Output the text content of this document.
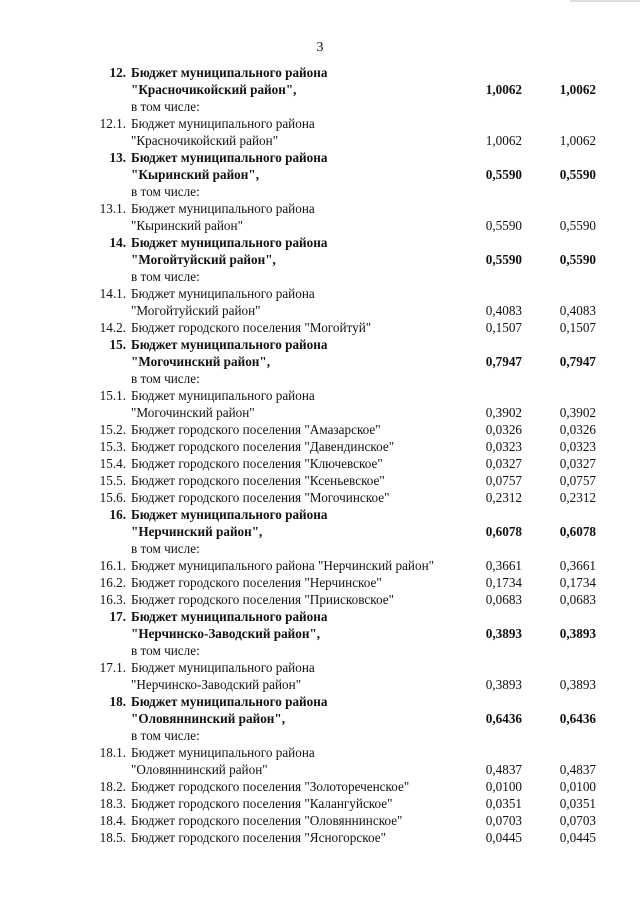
3
12. Бюджет муниципального района
"Красночикойский район",	1,0062	1,0062
в том числе:
12.1. Бюджет муниципального района
"Красночикойский район"	1,0062	1,0062
13. Бюджет муниципального района
"Кыринский район",	0,5590	0,5590
в том числе:
13.1. Бюджет муниципального района
"Кыринский район"	0,5590	0,5590
14. Бюджет муниципального района
"Могойтуйский район",	0,5590	0,5590
в том числе:
14.1. Бюджет муниципального района
"Могойтуйский район"	0,4083	0,4083
14.2. Бюджет городского поселения "Могойтуй"	0,1507	0,1507
15. Бюджет муниципального района
"Могочинский район",	0,7947	0,7947
в том числе:
15.1. Бюджет муниципального района
"Могочинский район"	0,3902	0,3902
15.2. Бюджет городского поселения "Амазарское"	0,0326	0,0326
15.3. Бюджет городского поселения "Давендинское"	0,0323	0,0323
15.4. Бюджет городского поселения "Ключевское"	0,0327	0,0327
15.5. Бюджет городского поселения "Ксеньевское"	0,0757	0,0757
15.6. Бюджет городского поселения "Могочинское"	0,2312	0,2312
16. Бюджет муниципального района
"Нерчинский район",	0,6078	0,6078
в том числе:
16.1. Бюджет муниципального района "Нерчинский район"	0,3661	0,3661
16.2. Бюджет городского поселения "Нерчинское"	0,1734	0,1734
16.3. Бюджет городского поселения "Приисковское"	0,0683	0,0683
17. Бюджет муниципального района
"Нерчинско-Заводский район",	0,3893	0,3893
в том числе:
17.1. Бюджет муниципального района
"Нерчинско-Заводский район"	0,3893	0,3893
18. Бюджет муниципального района
"Оловяннинский район",	0,6436	0,6436
в том числе:
18.1. Бюджет муниципального района
"Оловяннинский район"	0,4837	0,4837
18.2. Бюджет городского поселения "Золотореченское"	0,0100	0,0100
18.3. Бюджет городского поселения "Калангуйское"	0,0351	0,0351
18.4. Бюджет городского поселения "Оловяннинское"	0,0703	0,0703
18.5. Бюджет городского поселения "Ясногорское"	0,0445	0,0445
